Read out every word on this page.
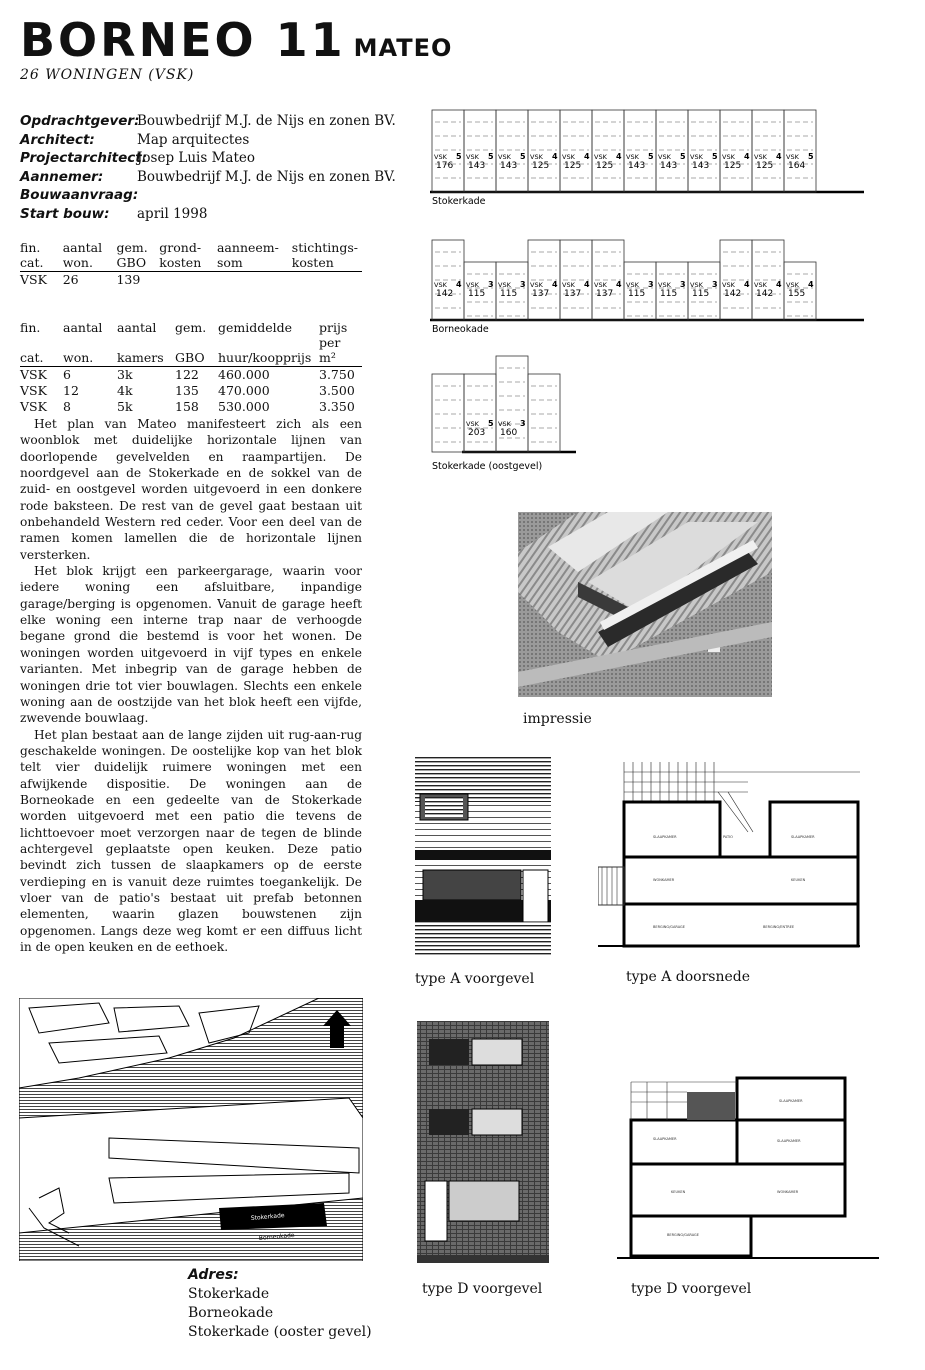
BORNEO 11 MATEO
26 WONINGEN (VSK)
Opdrachtgever:Bouwbedrijf M.J. de Nijs en zonen BV.
Architect:	Map arquitectes
Projectarchitect:Josep Luis Mateo
Aannemer:	Bouwbedrijf M.J. de Nijs en zonen BV.
Bouwaanvraag:
Start bouw: april 1998
fin.	aantal	gem.	grond-	aanneem-	stichtings-
cat.	won.	GBO	kosten	som	kosten
VSK	26	139			
fin.	aantal	aantal	gem.	gemiddelde	prijs
cat.	won.	kamers	GBO	huur/koopprijs	per m²
VSK	6	3k	122	460.000	3.750
VSK	12	4k	135	470.000	3.500
VSK	8	5k	158	530.000	3.350

Het plan van Mateo manifesteert zich als een woonblok met duidelijke horizontale lijnen van doorlopende gevelvelden en raampartijen. De noordgevel aan de Stokerkade en de sokkel van de zuid- en oostgevel worden uitgevoerd in een donkere rode baksteen. De rest van de gevel gaat bestaan uit onbehandeld Western red ceder. Voor een deel van de ramen komen lamellen die de horizontale lijnen versterken.

Het blok krijgt een parkeergarage, waarin voor iedere woning een afsluitbare, inpandige garage/berging is opgenomen. Vanuit de garage heeft elke woning een interne trap naar de verhoogde begane grond die bestemd is voor het wonen. De woningen worden uitgevoerd in vijf types en enkele varianten. Met inbegrip van de garage hebben de woningen drie tot vier bouwlagen. Slechts een enkele woning aan de oostzijde van het blok heeft een vijfde, zwevende bouwlaag.

Het plan bestaat aan de lange zijden uit rug-aan-rug geschakelde woningen. De oostelijke kop van het blok telt vier duidelijk ruimere woningen met een afwijkende dispositie. De woningen aan de Borneokade en een gedeelte van de Stokerkade worden uitgevoerd met een patio die tevens de lichttoevoer moet verzorgen naar de tegen de blinde achtergevel geplaatste open keuken. Deze patio bevindt zich tussen de slaapkamers op de eerste verdieping en is vanuit deze ruimtes toegankelijk. De vloer van de patio's bestaat uit prefab betonnen elementen, waarin glazen bouwstenen zijn opgenomen. Langs deze weg komt er een diffuus licht in de open keuken en de eethoek.

VSK
176
5 VSK
143
5 VSK
143
5 VSK
125
4 VSK
125
4 VSK
125
4 VSK
143
5 VSK
143
5 VSK
143
5 VSK
125
4 VSK
125
4 VSK
164
5
VSK
142
4 VSK
115
3 VSK
115
3 VSK
137
4 VSK
137
4 VSK
137
4 VSK
115
3 VSK
115
3 VSK
115
3 VSK
142
4 VSK
142
4 VSK
155
4
VSK
203
5 VSK
160
3
Stokerkade
Borneokade
Stokerkade (oostgevel)
impressie
type A voorgevel
SLAAPKAMER	PATIO	SLAAPKAMER
WONKAMER	KEUKEN
BERGING/GARAGE	BERGING/ENTREE
type A doorsnede
type D voorgevel
SLAAPKAMER
SLAAPKAMER	SLAAPKAMER
KEUKEN	WONKAMER
BERGING/GARAGE
type D voorgevel
Stokerkade
Borneokade
Adres:
Stokerkade
Borneokade
Stokerkade (ooster gevel)
